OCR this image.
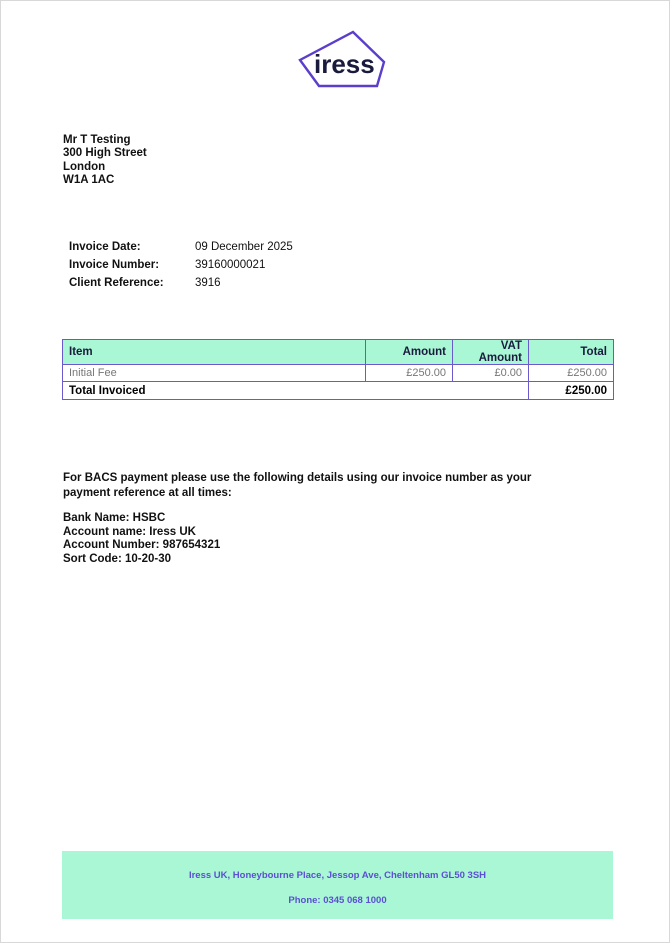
iress
Mr T Testing
300 High Street
London
W1A 1AC
Invoice Date:	09 December 2025
Invoice Number:	39160000021
Client Reference:	3916
Item	Amount	VAT Amount	Total
Initial Fee	£250.00	£0.00	£250.00
Total Invoiced			£250.00
For BACS payment please use the following details using our invoice number as your payment reference at all times:
Bank Name: HSBC
Account name: Iress UK
Account Number: 987654321
Sort Code: 10-20-30
Iress UK, Honeybourne Place, Jessop Ave, Cheltenham GL50 3SH
Phone: 0345 068 1000
